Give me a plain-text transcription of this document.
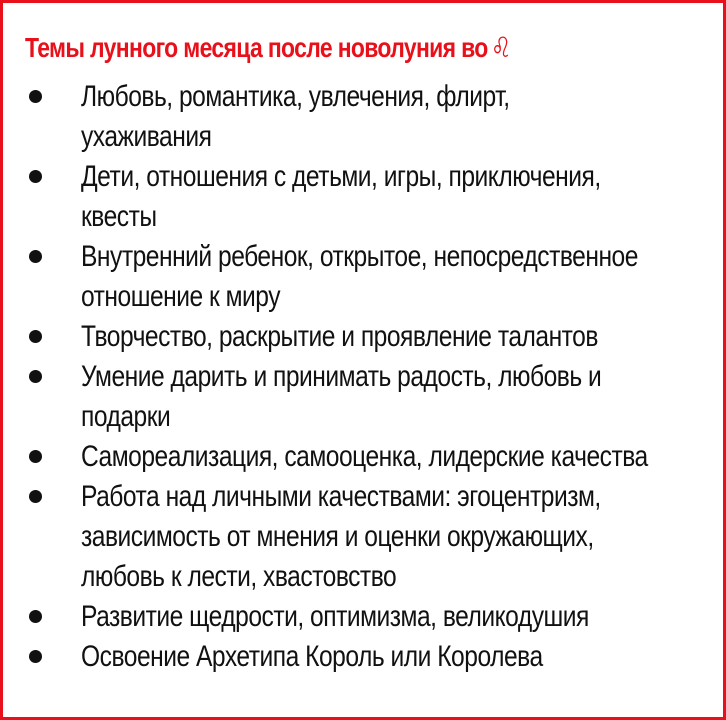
Темы лунного месяца после новолуния во ♌
Любовь, романтика, увлечения, флирт,
ухаживания
Дети, отношения с детьми, игры, приключения,
квесты
Внутренний ребенок, открытое, непосредственное
отношение к миру
Творчество, раскрытие и проявление талантов
Умение дарить и принимать радость, любовь и
подарки
Самореализация, самооценка, лидерские качества
Работа над личными качествами: эгоцентризм,
зависимость от мнения и оценки окружающих,
любовь к лести, хвастовство
Развитие щедрости, оптимизма, великодушия
Освоение Архетипа Король или Королева
